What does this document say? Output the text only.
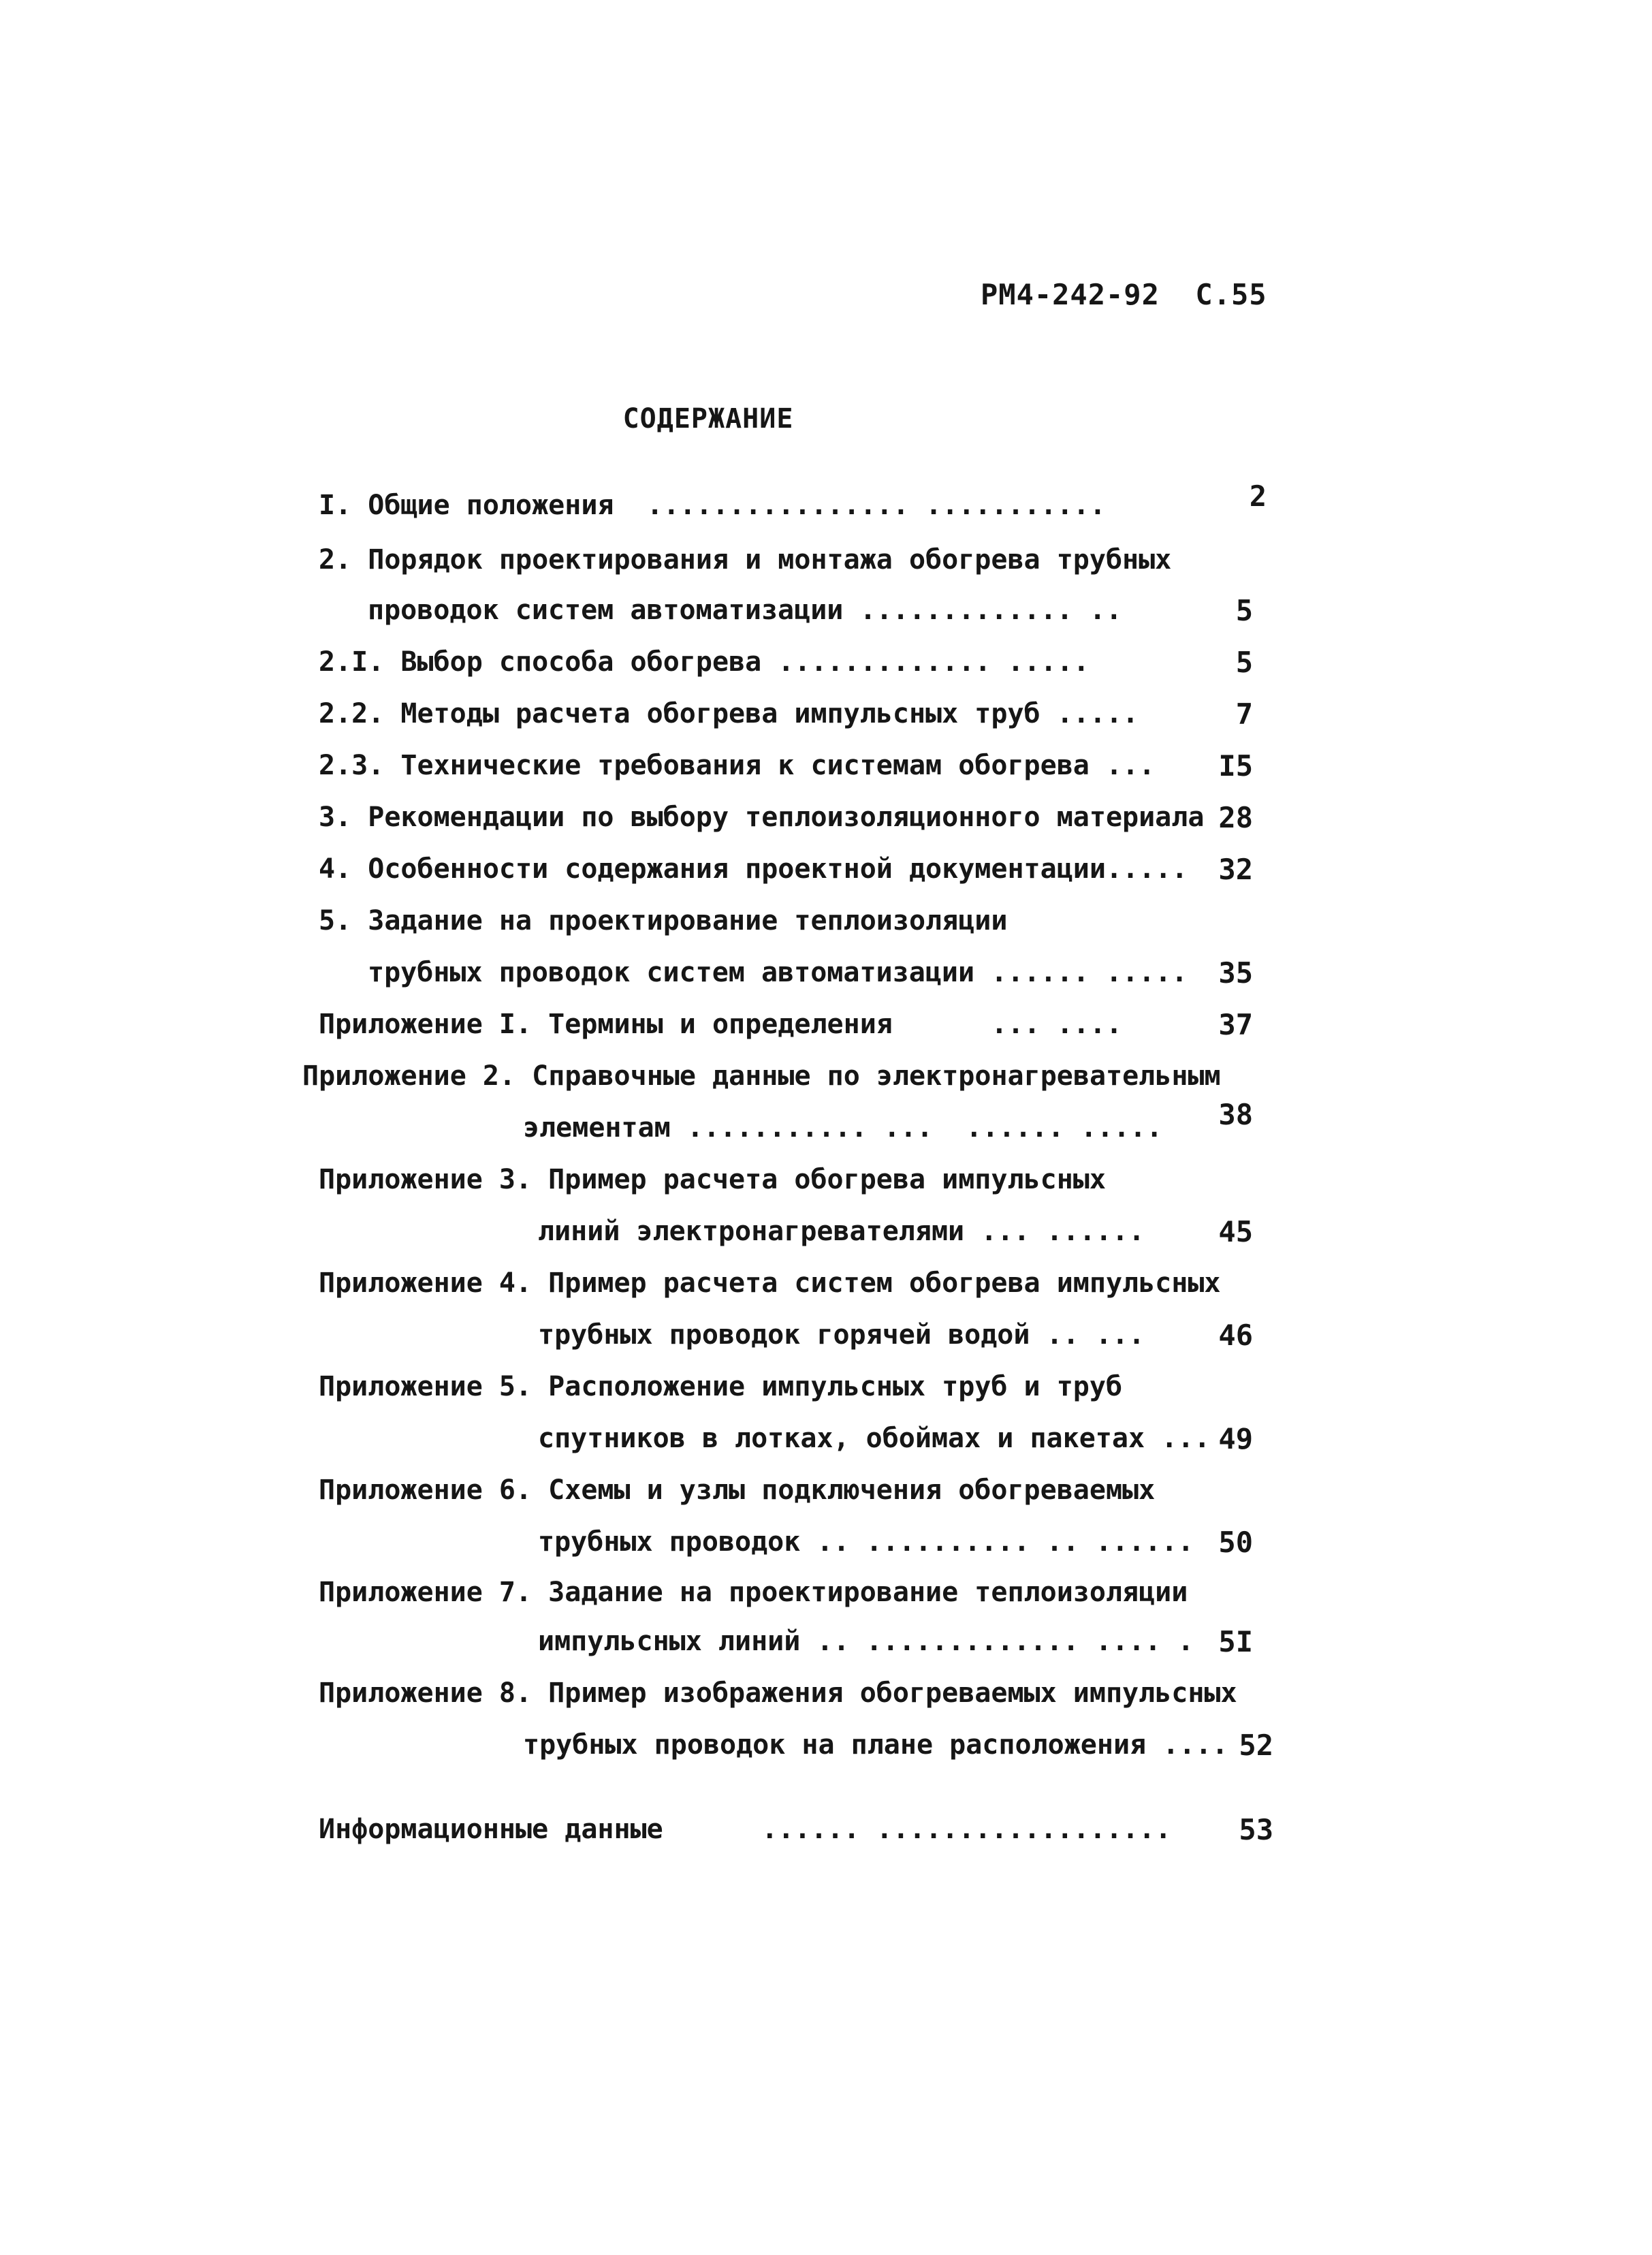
РМ4-242-92  С.55
СОДЕРЖАНИЕ
I. Общие положения  ................ ...........
2. Порядок проектирования и монтажа обогрева трубных
проводок систем автоматизации ............. ..
2.I. Выбор способа обогрева ............. .....
2.2. Методы расчета обогрева импульсных труб .....
2.3. Технические требования к системам обогрева ...
3. Рекомендации по выбору теплоизоляционного материала
4. Особенности содержания проектной документации.....
5. Задание на проектирование теплоизоляции
трубных проводок систем автоматизации ...... .....
Приложение I. Термины и определения      ... ....
Приложение 2. Справочные данные по электронагревательным
элементам ........... ...  ...... .....
Приложение 3. Пример расчета обогрева импульсных
линий электронагревателями ... ......
Приложение 4. Пример расчета систем обогрева импульсных
трубных проводок горячей водой .. ...
Приложение 5. Расположение импульсных труб и труб
спутников в лотках, обоймах и пакетах ...
Приложение 6. Схемы и узлы подключения обогреваемых
трубных проводок .. .......... .. ......
Приложение 7. Задание на проектирование теплоизоляции
импульсных линий .. ............. .... .
Приложение 8. Пример изображения обогреваемых импульсных
трубных проводок на плане расположения ....
Информационные данные      ...... ..................
2
5
5
7
I5
28
32
35
37
38
45
46
49
50
5I
52
53
